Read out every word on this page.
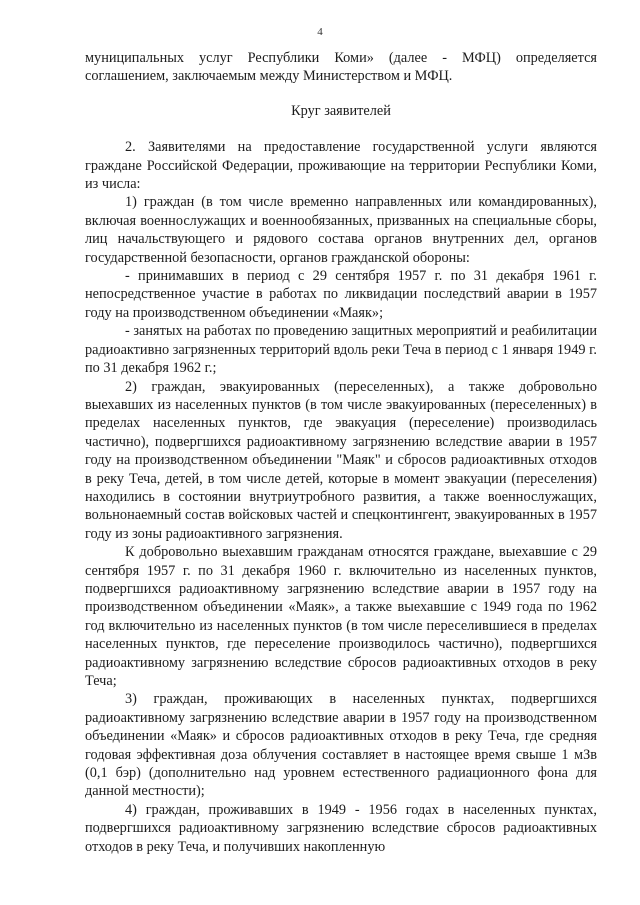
4

муниципальных услуг Республики Коми» (далее - МФЦ) определяется соглашением, заключаемым между Министерством и МФЦ.

Круг заявителей

2. Заявителями на предоставление государственной услуги являются граждане Российской Федерации, проживающие на территории Республики Коми, из числа:

1) граждан (в том числе временно направленных или командированных), включая военнослужащих и военнообязанных, призванных на специальные сборы, лиц начальствующего и рядового состава органов внутренних дел, органов государственной безопасности, органов гражданской обороны:

- принимавших в период с 29 сентября 1957 г. по 31 декабря 1961 г. непосредственное участие в работах по ликвидации последствий аварии в 1957 году на производственном объединении «Маяк»;

- занятых на работах по проведению защитных мероприятий и реабилитации радиоактивно загрязненных территорий вдоль реки Теча в период с 1 января 1949 г. по 31 декабря 1962 г.;

2) граждан, эвакуированных (переселенных), а также добровольно выехавших из населенных пунктов (в том числе эвакуированных (переселенных) в пределах населенных пунктов, где эвакуация (переселение) производилась частично), подвергшихся радиоактивному загрязнению вследствие аварии в 1957 году на производственном объединении "Маяк" и сбросов радиоактивных отходов в реку Теча, детей, в том числе детей, которые в момент эвакуации (переселения) находились в состоянии внутриутробного развития, а также военнослужащих, вольнонаемный состав войсковых частей и спецконтингент, эвакуированных в 1957 году из зоны радиоактивного загрязнения.

К добровольно выехавшим гражданам относятся граждане, выехавшие с 29 сентября 1957 г. по 31 декабря 1960 г. включительно из населенных пунктов, подвергшихся радиоактивному загрязнению вследствие аварии в 1957 году на производственном объединении «Маяк», а также выехавшие с 1949 года по 1962 год включительно из населенных пунктов (в том числе переселившиеся в пределах населенных пунктов, где переселение производилось частично), подвергшихся радиоактивному загрязнению вследствие сбросов радиоактивных отходов в реку Теча;

3) граждан, проживающих в населенных пунктах, подвергшихся радиоактивному загрязнению вследствие аварии в 1957 году на производственном объединении «Маяк» и сбросов радиоактивных отходов в реку Теча, где средняя годовая эффективная доза облучения составляет в настоящее время свыше 1 мЗв (0,1 бэр) (дополнительно над уровнем естественного радиационного фона для данной местности);

4) граждан, проживавших в 1949 - 1956 годах в населенных пунктах, подвергшихся радиоактивному загрязнению вследствие сбросов радиоактивных отходов в реку Теча, и получивших накопленную
